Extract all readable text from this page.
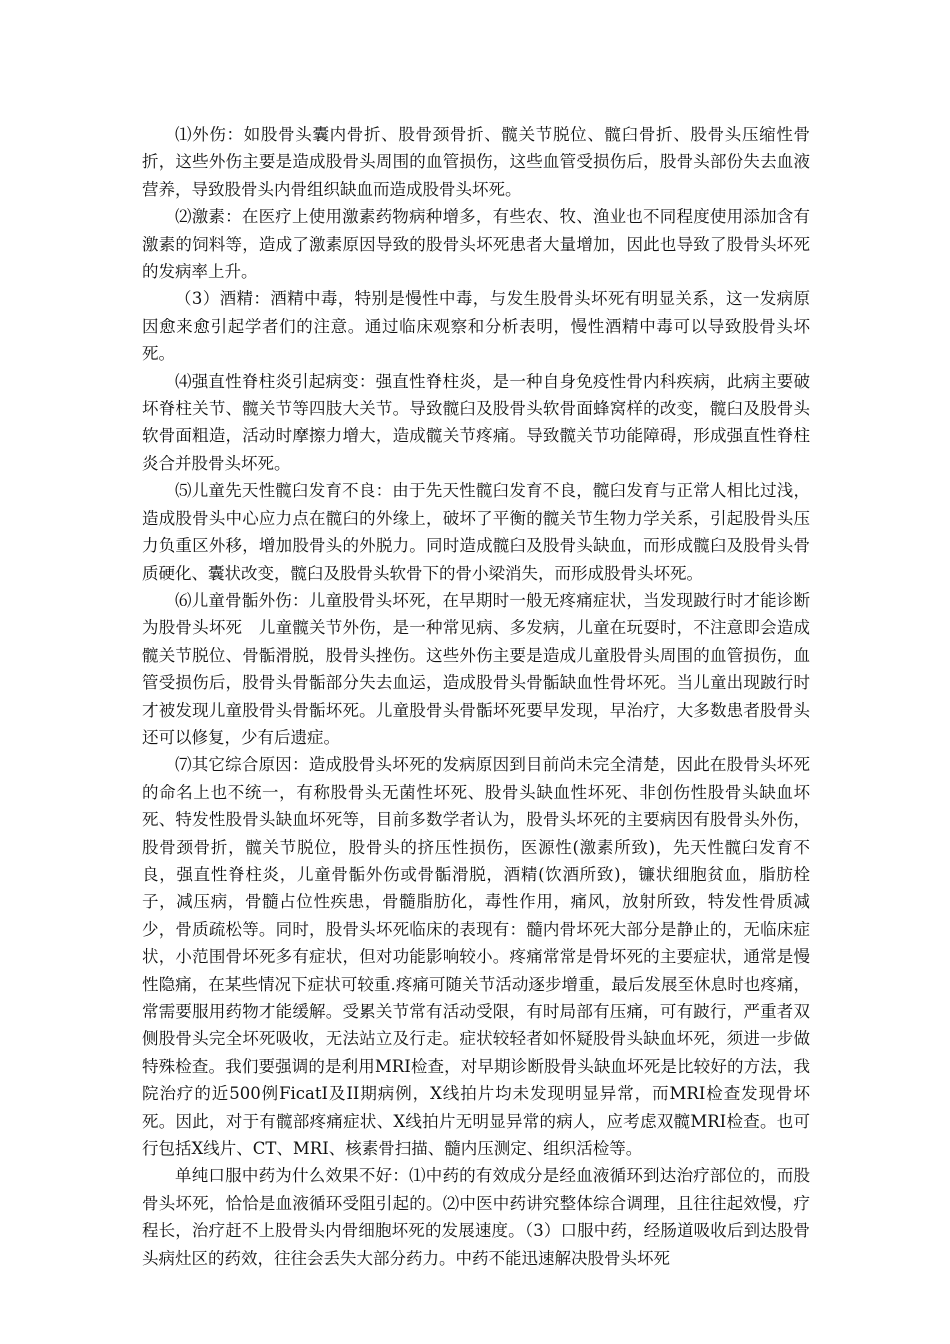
⑴外伤：如股骨头囊内骨折、股骨颈骨折、髋关节脱位、髋臼骨折、股骨头压缩性骨折，这些外伤主要是造成股骨头周围的血管损伤，这些血管受损伤后，股骨头部份失去血液营养，导致股骨头内骨组织缺血而造成股骨头坏死。

⑵激素：在医疗上使用激素药物病种增多，有些农、牧、渔业也不同程度使用添加含有激素的饲料等，造成了激素原因导致的股骨头坏死患者大量增加，因此也导致了股骨头坏死的发病率上升。

（3）酒精：酒精中毒，特别是慢性中毒，与发生股骨头坏死有明显关系，这一发病原因愈来愈引起学者们的注意。通过临床观察和分析表明，慢性酒精中毒可以导致股骨头坏死。

⑷强直性脊柱炎引起病变：强直性脊柱炎，是一种自身免疫性骨内科疾病，此病主要破坏脊柱关节、髋关节等四肢大关节。导致髋臼及股骨头软骨面蜂窝样的改变，髋臼及股骨头软骨面粗造，活动时摩擦力增大，造成髋关节疼痛。导致髋关节功能障碍，形成强直性脊柱炎合并股骨头坏死。

⑸儿童先天性髋臼发育不良：由于先天性髋臼发育不良，髋臼发育与正常人相比过浅，造成股骨头中心应力点在髋臼的外缘上，破坏了平衡的髋关节生物力学关系，引起股骨头压力负重区外移，增加股骨头的外脱力。同时造成髋臼及股骨头缺血，而形成髋臼及股骨头骨质硬化、囊状改变，髋臼及股骨头软骨下的骨小梁消失，而形成股骨头坏死。

⑹儿童骨骺外伤：儿童股骨头坏死，在早期时一般无疼痛症状，当发现跛行时才能诊断为股骨头坏死　儿童髋关节外伤，是一种常见病、多发病，儿童在玩耍时，不注意即会造成髋关节脱位、骨骺滑脱，股骨头挫伤。这些外伤主要是造成儿童股骨头周围的血管损伤，血管受损伤后，股骨头骨骺部分失去血运，造成股骨头骨骺缺血性骨坏死。当儿童出现跛行时才被发现儿童股骨头骨骺坏死。儿童股骨头骨骺坏死要早发现，早治疗，大多数患者股骨头还可以修复，少有后遗症。

⑺其它综合原因：造成股骨头坏死的发病原因到目前尚未完全清楚，因此在股骨头坏死的命名上也不统一，有称股骨头无菌性坏死、股骨头缺血性坏死、非创伤性股骨头缺血坏死、特发性股骨头缺血坏死等，目前多数学者认为，股骨头坏死的主要病因有股骨头外伤，股骨颈骨折，髋关节脱位，股骨头的挤压性损伤，医源性(激素所致)，先天性髋臼发育不良，强直性脊柱炎，儿童骨骺外伤或骨骺滑脱，酒精(饮酒所致)，镰状细胞贫血，脂肪栓子，减压病，骨髓占位性疾患，骨髓脂肪化，毒性作用，痛风，放射所致，特发性骨质减少，骨质疏松等。同时，股骨头坏死临床的表现有：髓内骨坏死大部分是静止的，无临床症状，小范围骨坏死多有症状，但对功能影响较小。疼痛常常是骨坏死的主要症状，通常是慢性隐痛，在某些情况下症状可较重.疼痛可随关节活动逐步增重，最后发展至休息时也疼痛，常需要服用药物才能缓解。受累关节常有活动受限，有时局部有压痛，可有跛行，严重者双侧股骨头完全坏死吸收，无法站立及行走。症状较轻者如怀疑股骨头缺血坏死，须进一步做特殊检查。我们要强调的是利用MRI检查，对早期诊断股骨头缺血坏死是比较好的方法，我院治疗的近500例FicatI及II期病例，X线拍片均未发现明显异常，而MRI检查发现骨坏死。因此，对于有髋部疼痛症状、X线拍片无明显异常的病人，应考虑双髋MRI检查。也可行包括X线片、CT、MRI、核素骨扫描、髓内压测定、组织活检等。

单纯口服中药为什么效果不好：⑴中药的有效成分是经血液循环到达治疗部位的，而股骨头坏死，恰恰是血液循环受阻引起的。⑵中医中药讲究整体综合调理，且往往起效慢，疗程长，治疗赶不上股骨头内骨细胞坏死的发展速度。（3）口服中药，经肠道吸收后到达股骨头病灶区的药效，往往会丢失大部分药力。中药不能迅速解决股骨头坏死
